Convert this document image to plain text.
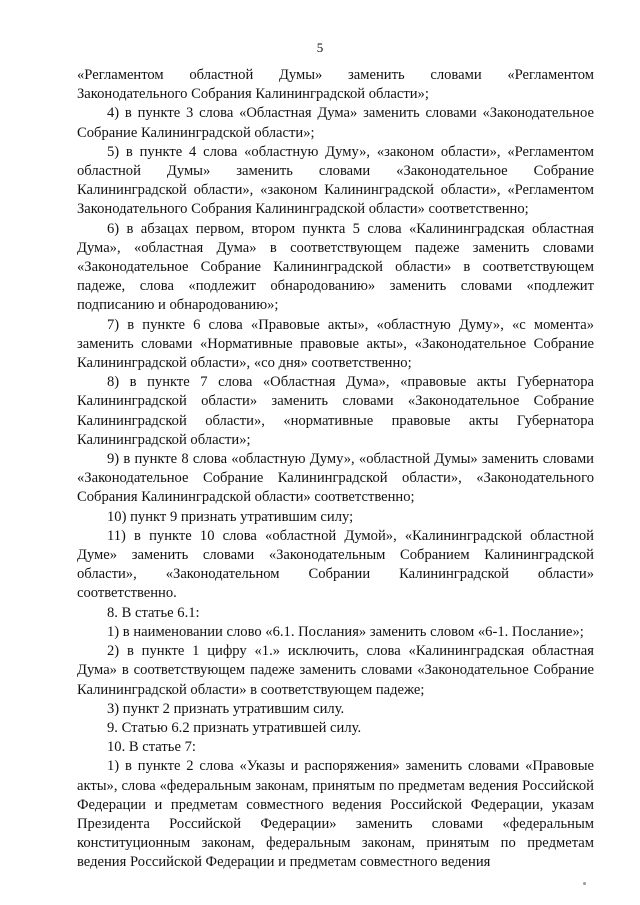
5

«Регламентом областной Думы» заменить словами «Регламентом Законодательного Собрания Калининградской области»;

4) в пункте 3 слова «Областная Дума» заменить словами «Законодательное Собрание Калининградской области»;

5) в пункте 4 слова «областную Думу», «законом области», «Регламентом областной Думы» заменить словами «Законодательное Собрание Калининградской области», «законом Калининградской области», «Регламентом Законодательного Собрания Калининградской области» соответственно;

6) в абзацах первом, втором пункта 5 слова «Калининградская областная Дума», «областная Дума» в соответствующем падеже заменить словами «Законодательное Собрание Калининградской области» в соответствующем падеже, слова «подлежит обнародованию» заменить словами «подлежит подписанию и обнародованию»;

7) в пункте 6 слова «Правовые акты», «областную Думу», «с момента» заменить словами «Нормативные правовые акты», «Законодательное Собрание Калининградской области», «со дня» соответственно;

8) в пункте 7 слова «Областная Дума», «правовые акты Губернатора Калининградской области» заменить словами «Законодательное Собрание Калининградской области», «нормативные правовые акты Губернатора Калининградской области»;

9) в пункте 8 слова «областную Думу», «областной Думы» заменить словами «Законодательное Собрание Калининградской области», «Законодательного Собрания Калининградской области» соответственно;

10) пункт 9 признать утратившим силу;

11) в пункте 10 слова «областной Думой», «Калининградской областной Думе» заменить словами «Законодательным Собранием Калининградской области», «Законодательном Собрании Калининградской области» соответственно.

8. В статье 6.1:

1) в наименовании слово «6.1. Послания» заменить словом «6-1. Послание»;

2) в пункте 1 цифру «1.» исключить, слова «Калининградская областная Дума» в соответствующем падеже заменить словами «Законодательное Собрание Калининградской области» в соответствующем падеже;

3) пункт 2 признать утратившим силу.

9. Статью 6.2 признать утратившей силу.

10. В статье 7:

1) в пункте 2 слова «Указы и распоряжения» заменить словами «Правовые акты», слова «федеральным законам, принятым по предметам ведения Российской Федерации и предметам совместного ведения Российской Федерации, указам Президента Российской Федерации» заменить словами «федеральным конституционным законам, федеральным законам, принятым по предметам ведения Российской Федерации и предметам совместного ведения
